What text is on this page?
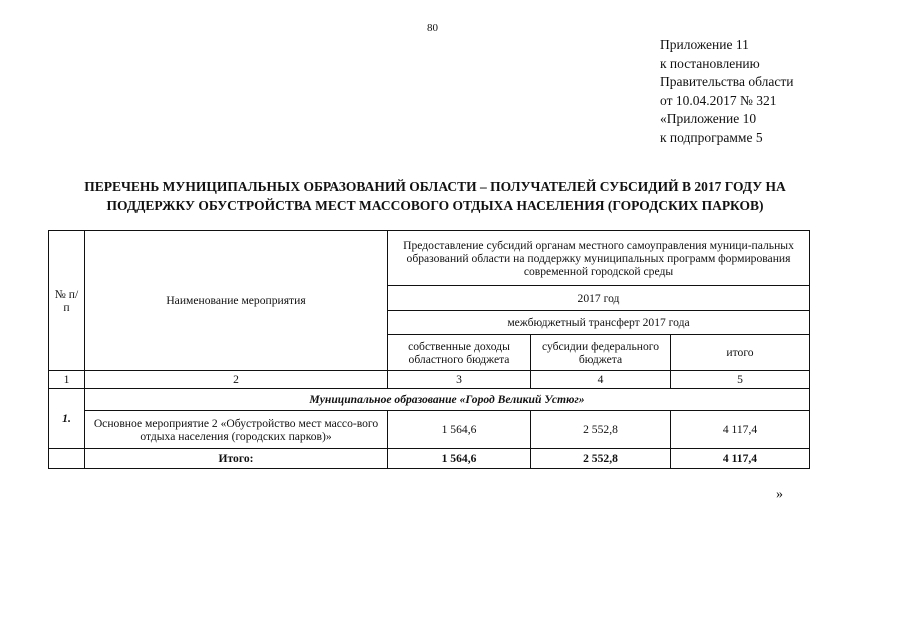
80
Приложение 11
к постановлению
Правительства области
от 10.04.2017 № 321
«Приложение 10
к подпрограмме 5
ПЕРЕЧЕНЬ МУНИЦИПАЛЬНЫХ ОБРАЗОВАНИЙ ОБЛАСТИ – ПОЛУЧАТЕЛЕЙ СУБСИДИЙ В 2017 ГОДУ НА
ПОДДЕРЖКУ ОБУСТРОЙСТВА МЕСТ МАССОВОГО ОТДЫХА НАСЕЛЕНИЯ (ГОРОДСКИХ ПАРКОВ)
№ п/п	Наименование мероприятия	Предоставление субсидий органам местного самоуправления муници-пальных образований области на поддержку муниципальных программ формирования современной городской среды		
		2017 год		
		межбюджетный трансферт 2017 года		
		собственные доходы областного бюджета	субсидии федерального бюджета	итого
1	2	3	4	5
1.	Муниципальное образование «Город Великий Устюг»			
	Основное мероприятие 2 «Обустройство мест массо-вого отдыха населения (городских парков)»	1 564,6	2 552,8	4 117,4
	Итого:	1 564,6	2 552,8	4 117,4
»
